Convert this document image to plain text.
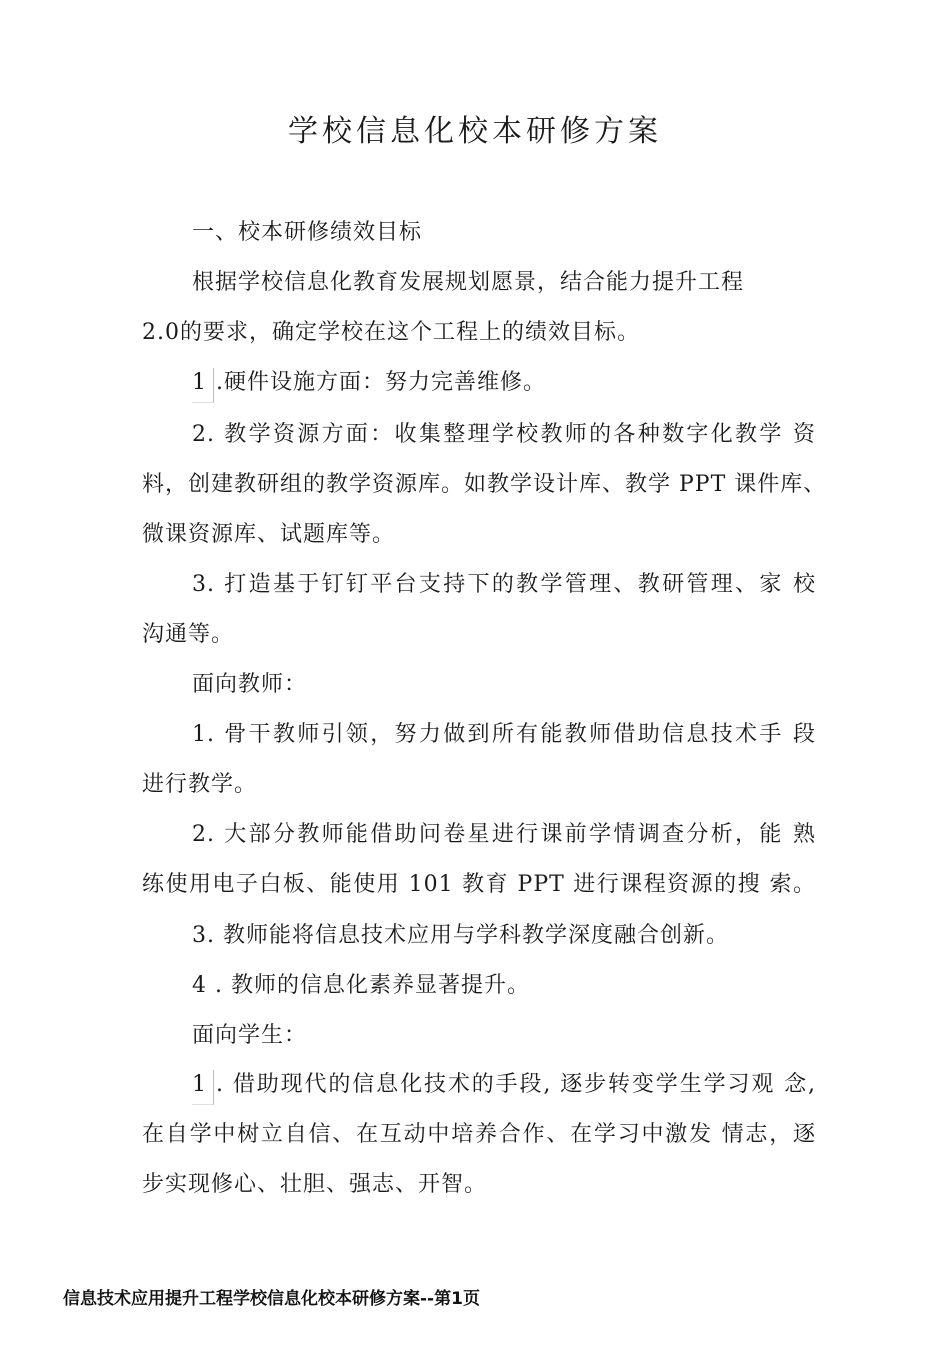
学校信息化校本研修方案
一、校本研修绩效目标
根据学校信息化教育发展规划愿景，结合能力提升工程
2.0的要求，确定学校在这个工程上的绩效目标。
1 .硬件设施方面：努力完善维修。
2. 教学资源方面：收集整理学校教师的各种数字化教学 资
料，创建教研组的教学资源库。如教学设计库、教学 PPT 课件库、
微课资源库、试题库等。
3. 打造基于钉钉平台支持下的教学管理、教研管理、家 校
沟通等。
面向教师：
1. 骨干教师引领，努力做到所有能教师借助信息技术手 段
进行教学。
2. 大部分教师能借助问卷星进行课前学情调查分析，能 熟
练使用电子白板、能使用 101 教育 PPT 进行课程资源的搜 索。
3. 教师能将信息技术应用与学科教学深度融合创新。
4 . 教师的信息化素养显著提升。
面向学生：
1 . 借助现代的信息化技术的手段, 逐步转变学生学习观 念,
在自学中树立自信、在互动中培养合作、在学习中激发 情志，逐
步实现修心、壮胆、强志、开智。
信息技术应用提升工程学校信息化校本研修方案--第1页
